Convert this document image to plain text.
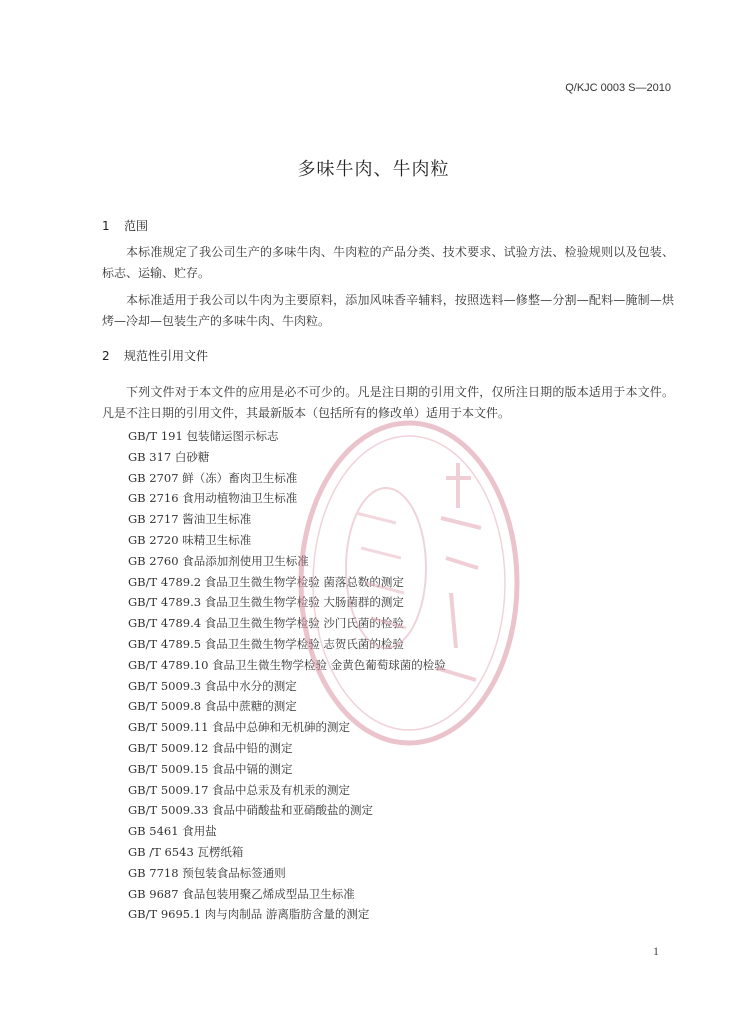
Q/KJC 0003 S—2010
多味牛肉、牛肉粒
1 范围

本标准规定了我公司生产的多味牛肉、牛肉粒的产品分类、技术要求、试验方法、检验规则以及包装、标志、运输、贮存。

本标准适用于我公司以牛肉为主要原料，添加风味香辛辅料，按照选料—修整—分割—配料—腌制—烘烤—冷却—包装生产的多味牛肉、牛肉粒。

2 规范性引用文件

下列文件对于本文件的应用是必不可少的。凡是注日期的引用文件，仅所注日期的版本适用于本文件。凡是不注日期的引用文件，其最新版本（包括所有的修改单）适用于本文件。

GB/T 191 包装储运图示标志
GB 317 白砂糖
GB 2707 鲜（冻）畜肉卫生标准
GB 2716 食用动植物油卫生标准
GB 2717 酱油卫生标准
GB 2720 味精卫生标准
GB 2760 食品添加剂使用卫生标准
GB/T 4789.2 食品卫生微生物学检验 菌落总数的测定
GB/T 4789.3 食品卫生微生物学检验 大肠菌群的测定
GB/T 4789.4 食品卫生微生物学检验 沙门氏菌的检验
GB/T 4789.5 食品卫生微生物学检验 志贺氏菌的检验
GB/T 4789.10 食品卫生微生物学检验 金黄色葡萄球菌的检验
GB/T 5009.3 食品中水分的测定
GB/T 5009.8 食品中蔗糖的测定
GB/T 5009.11 食品中总砷和无机砷的测定
GB/T 5009.12 食品中铅的测定
GB/T 5009.15 食品中镉的测定
GB/T 5009.17 食品中总汞及有机汞的测定
GB/T 5009.33 食品中硝酸盐和亚硝酸盐的测定
GB 5461 食用盐
GB /T 6543 瓦楞纸箱
GB 7718 预包装食品标签通则
GB 9687 食品包装用聚乙烯成型品卫生标准
GB/T 9695.1 肉与肉制品 游离脂肪含量的测定
1
